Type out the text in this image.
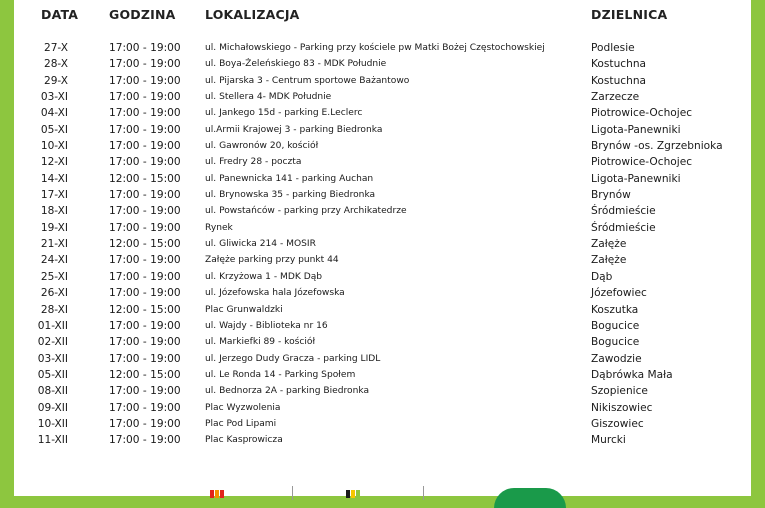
DATA GODZINA LOKALIZACJA	DZIELNICA
27-X	17:00 - 19:00	ul. Michałowskiego - Parking przy kościele pw Matki Bożej Częstochowskiej	Podlesie
28-X	17:00 - 19:00	ul. Boya-Żeleńskiego 83 - MDK Południe	Kostuchna
29-X	17:00 - 19:00	ul. Pijarska 3 - Centrum sportowe Bażantowo	Kostuchna
03-XI	17:00 - 19:00	ul. Stellera 4- MDK Południe	Zarzecze
04-XI	17:00 - 19:00	ul. Jankego 15d - parking E.Leclerc	Piotrowice-Ochojec
05-XI	17:00 - 19:00	ul.Armii Krajowej 3 - parking Biedronka	Ligota-Panewniki
10-XI	17:00 - 19:00	ul. Gawronów 20, kościół	Brynów -os. Zgrzebnioka
12-XI	17:00 - 19:00	ul. Fredry 28 - poczta	Piotrowice-Ochojec
14-XI	12:00 - 15:00	ul. Panewnicka 141 - parking Auchan	Ligota-Panewniki
17-XI	17:00 - 19:00	ul. Brynowska 35 - parking Biedronka	Brynów
18-XI	17:00 - 19:00	ul. Powstańców - parking przy Archikatedrze	Śródmieście
19-XI	17:00 - 19:00	Rynek	Śródmieście
21-XI	12:00 - 15:00	ul. Gliwicka 214 - MOSIR	Załęże
24-XI	17:00 - 19:00	Załęże parking przy punkt 44	Załęże
25-XI	17:00 - 19:00	ul. Krzyżowa 1 - MDK Dąb	Dąb
26-XI	17:00 - 19:00	ul. Józefowska hala Józefowska	Józefowiec
28-XI	12:00 - 15:00	Plac Grunwaldzki	Koszutka
01-XII	17:00 - 19:00	ul. Wajdy - Biblioteka nr 16	Bogucice
02-XII	17:00 - 19:00	ul. Markiefki 89 - kościół	Bogucice
03-XII	17:00 - 19:00	ul. Jerzego Dudy Gracza - parking LIDL	Zawodzie
05-XII	12:00 - 15:00	ul. Le Ronda 14 - Parking Społem	Dąbrówka Mała
08-XII	17:00 - 19:00	ul. Bednorza 2A - parking Biedronka	Szopienice
09-XII	17:00 - 19:00	Plac Wyzwolenia	Nikiszowiec
10-XII	17:00 - 19:00	Plac Pod Lipami	Giszowiec
11-XII	17:00 - 19:00	Plac Kasprowicza	Murcki
